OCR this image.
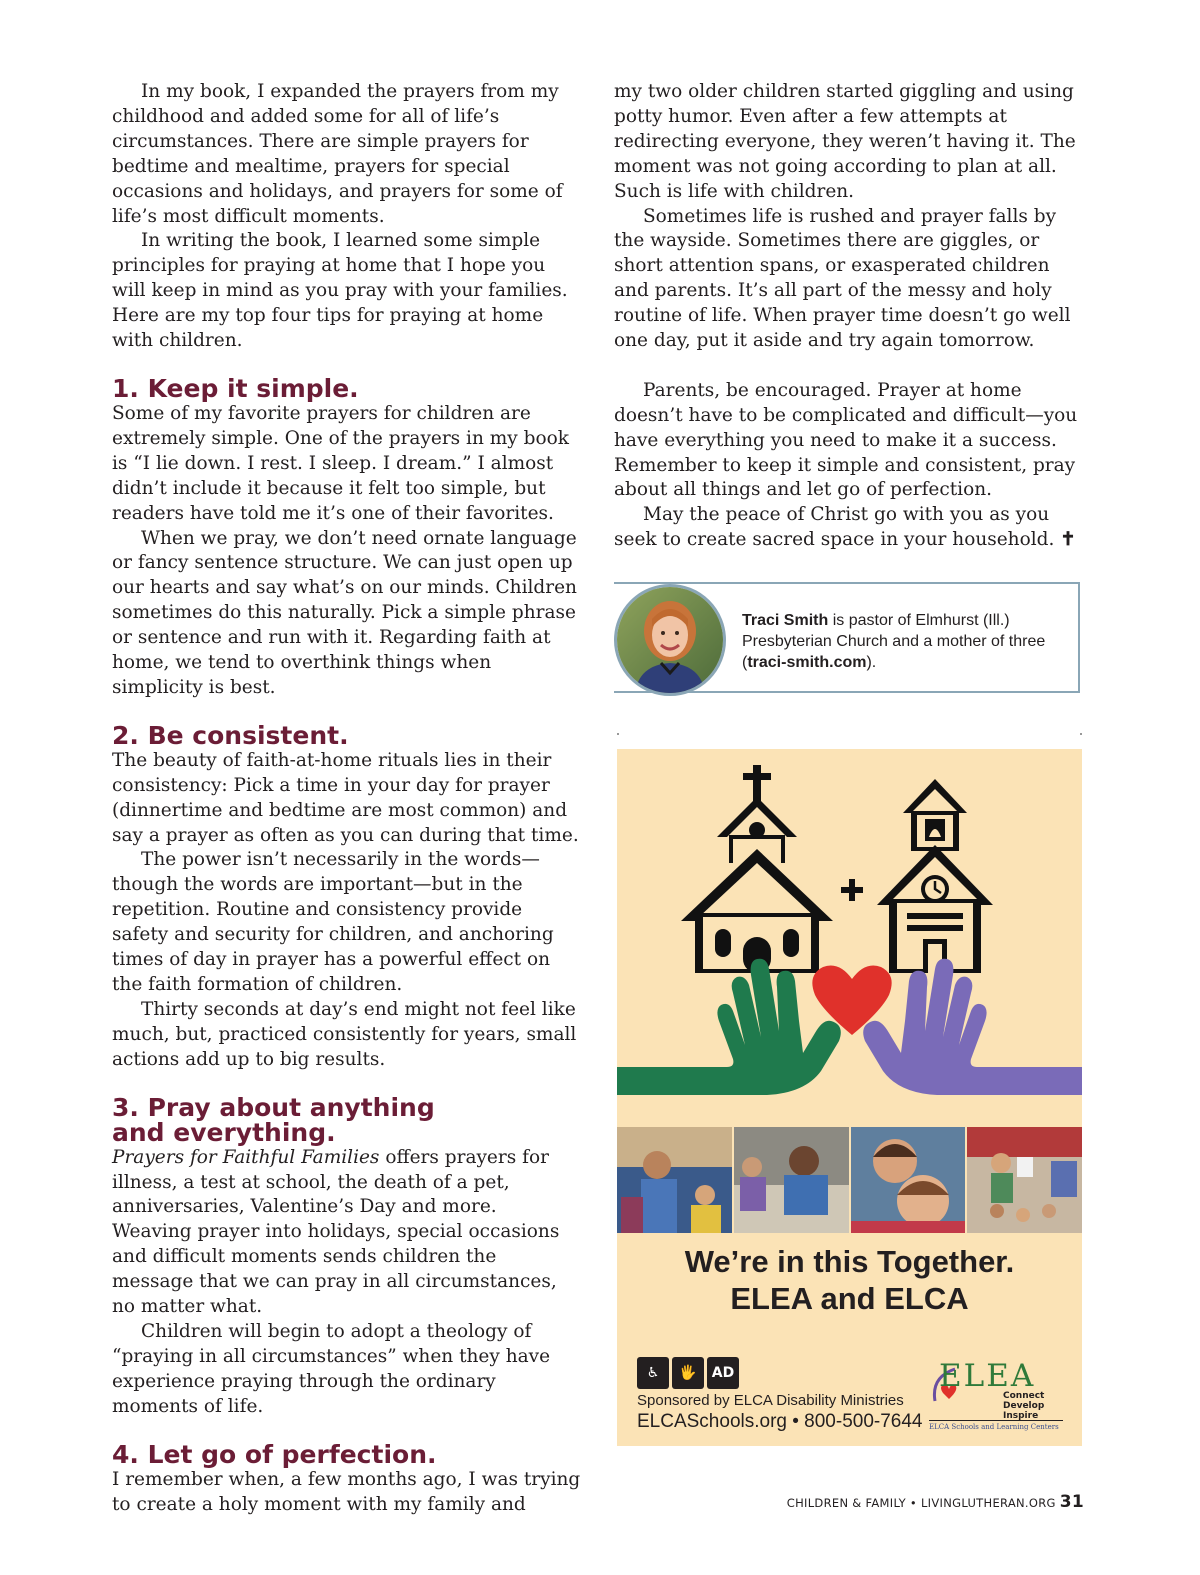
In my book, I expanded the prayers from my childhood and added some for all of life’s circumstances. There are simple prayers for bedtime and mealtime, prayers for special occasions and holidays, and prayers for some of life’s most difficult moments.

In writing the book, I learned some simple principles for praying at home that I hope you will keep in mind as you pray with your families. Here are my top four tips for praying at home with children.

1. Keep it simple.

Some of my favorite prayers for children are extremely simple. One of the prayers in my book is “I lie down. I rest. I sleep. I dream.” I almost didn’t include it because it felt too simple, but readers have told me it’s one of their favorites.

When we pray, we don’t need ornate language or fancy sentence structure. We can just open up our hearts and say what’s on our minds. Children sometimes do this naturally. Pick a simple phrase or sentence and run with it. Regarding faith at home, we tend to overthink things when simplicity is best.

2. Be consistent.

The beauty of faith-at-home rituals lies in their consistency: Pick a time in your day for prayer (dinnertime and bedtime are most common) and say a prayer as often as you can during that time.

The power isn’t necessarily in the words—though the words are important—but in the repetition. Routine and consistency provide safety and security for children, and anchoring times of day in prayer has a powerful effect on the faith formation of children.

Thirty seconds at day’s end might not feel like much, but, practiced consistently for years, small actions add up to big results.

3. Pray about anything
and everything.

Prayers for Faithful Families offers prayers for illness, a test at school, the death of a pet, anniversaries, Valentine’s Day and more. Weaving prayer into holidays, special occasions and difficult moments sends children the message that we can pray in all circumstances, no matter what.

Children will begin to adopt a theology of “praying in all circumstances” when they have experience praying through the ordinary moments of life.

4. Let go of perfection.

I remember when, a few months ago, I was trying to create a holy moment with my family and

my two older children started giggling and using potty humor. Even after a few attempts at redirecting everyone, they weren’t having it. The moment was not going according to plan at all. Such is life with children.

Sometimes life is rushed and prayer falls by the wayside. Sometimes there are giggles, or short attention spans, or exasperated children and parents. It’s all part of the messy and holy routine of life. When prayer time doesn’t go well one day, put it aside and try again tomorrow.

Parents, be encouraged. Prayer at home doesn’t have to be complicated and difficult—you have everything you need to make it a success. Remember to keep it simple and consistent, pray about all things and let go of perfection.

May the peace of Christ go with you as you seek to create sacred space in your household. ✝

Traci Smith is pastor of Elmhurst (Ill.) Presbyterian Church and a mother of three (traci-smith.com).
We’re in this Together.
ELEA and ELCA
♿	🖐	AD
Sponsored by ELCA Disability Ministries
ELCASchools.org • 800-500-7644
ELEA
Connect
Develop
Inspire
ELCA Schools and Learning Centers
CHILDREN & FAMILY • LIVINGLUTHERAN.ORG 31
